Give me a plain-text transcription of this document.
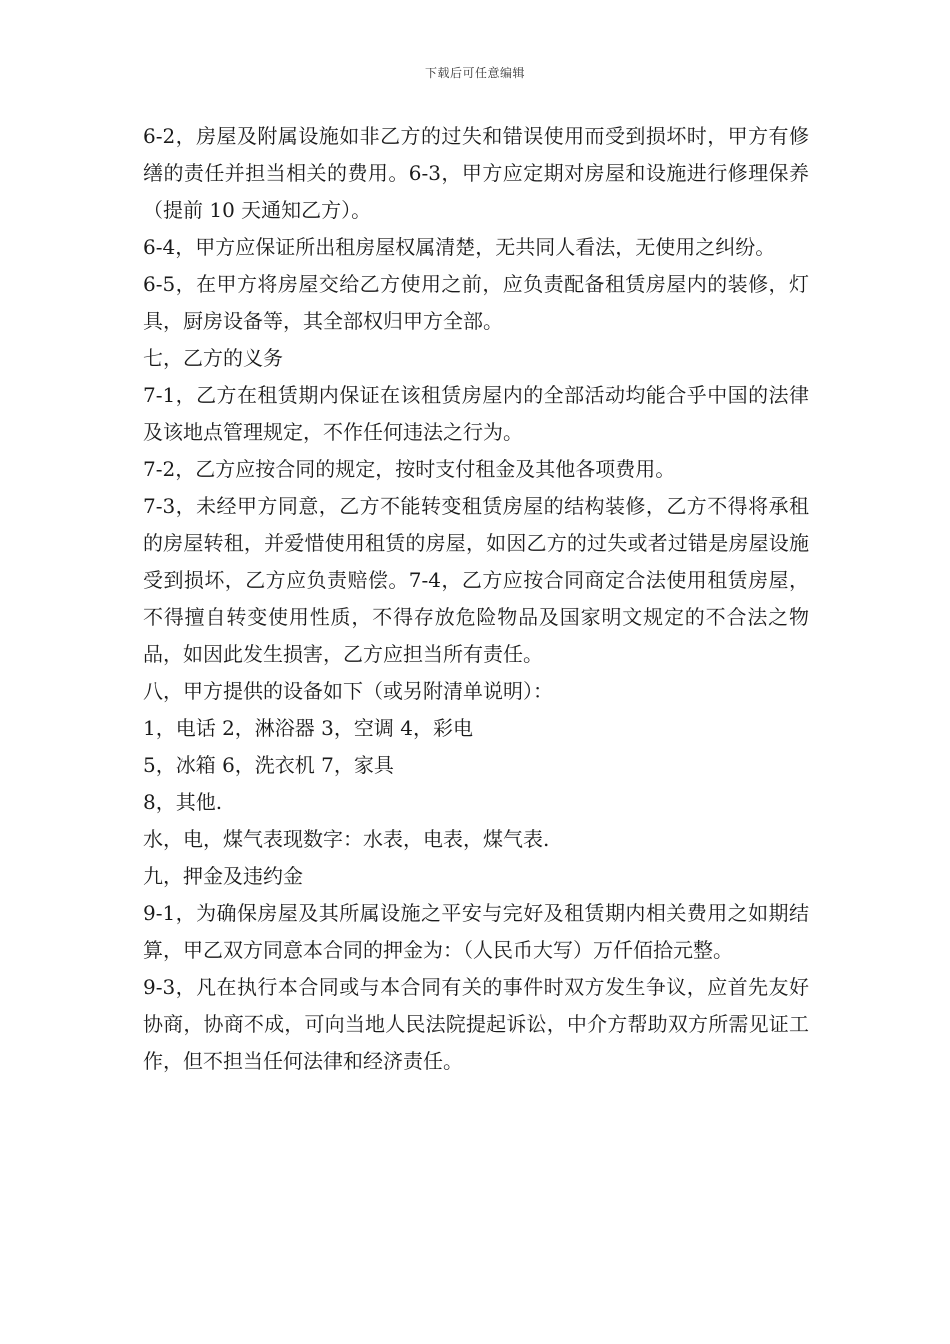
下载后可任意编辑

6-2，房屋及附属设施如非乙方的过失和错误使用而受到损坏时，甲方有修缮的责任并担当相关的费用。6-3，甲方应定期对房屋和设施进行修理保养（提前 10 天通知乙方）。

6-4，甲方应保证所出租房屋权属清楚，无共同人看法，无使用之纠纷。

6-5，在甲方将房屋交给乙方使用之前，应负责配备租赁房屋内的装修，灯具，厨房设备等，其全部权归甲方全部。

七，乙方的义务

7-1，乙方在租赁期内保证在该租赁房屋内的全部活动均能合乎中国的法律及该地点管理规定，不作任何违法之行为。

7-2，乙方应按合同的规定，按时支付租金及其他各项费用。

7-3，未经甲方同意，乙方不能转变租赁房屋的结构装修，乙方不得将承租的房屋转租，并爱惜使用租赁的房屋，如因乙方的过失或者过错是房屋设施受到损坏，乙方应负责赔偿。7-4，乙方应按合同商定合法使用租赁房屋，不得擅自转变使用性质，不得存放危险物品及国家明文规定的不合法之物品，如因此发生损害，乙方应担当所有责任。

八，甲方提供的设备如下（或另附清单说明）：

1，电话 2，淋浴器 3，空调 4，彩电

5，冰箱 6，洗衣机 7，家具

8，其他.

水，电，煤气表现数字：水表，电表，煤气表.

九，押金及违约金

9-1，为确保房屋及其所属设施之平安与完好及租赁期内相关费用之如期结算，甲乙双方同意本合同的押金为：（人民币大写）万仟佰拾元整。

9-3，凡在执行本合同或与本合同有关的事件时双方发生争议，应首先友好协商，协商不成，可向当地人民法院提起诉讼，中介方帮助双方所需见证工作，但不担当任何法律和经济责任。
